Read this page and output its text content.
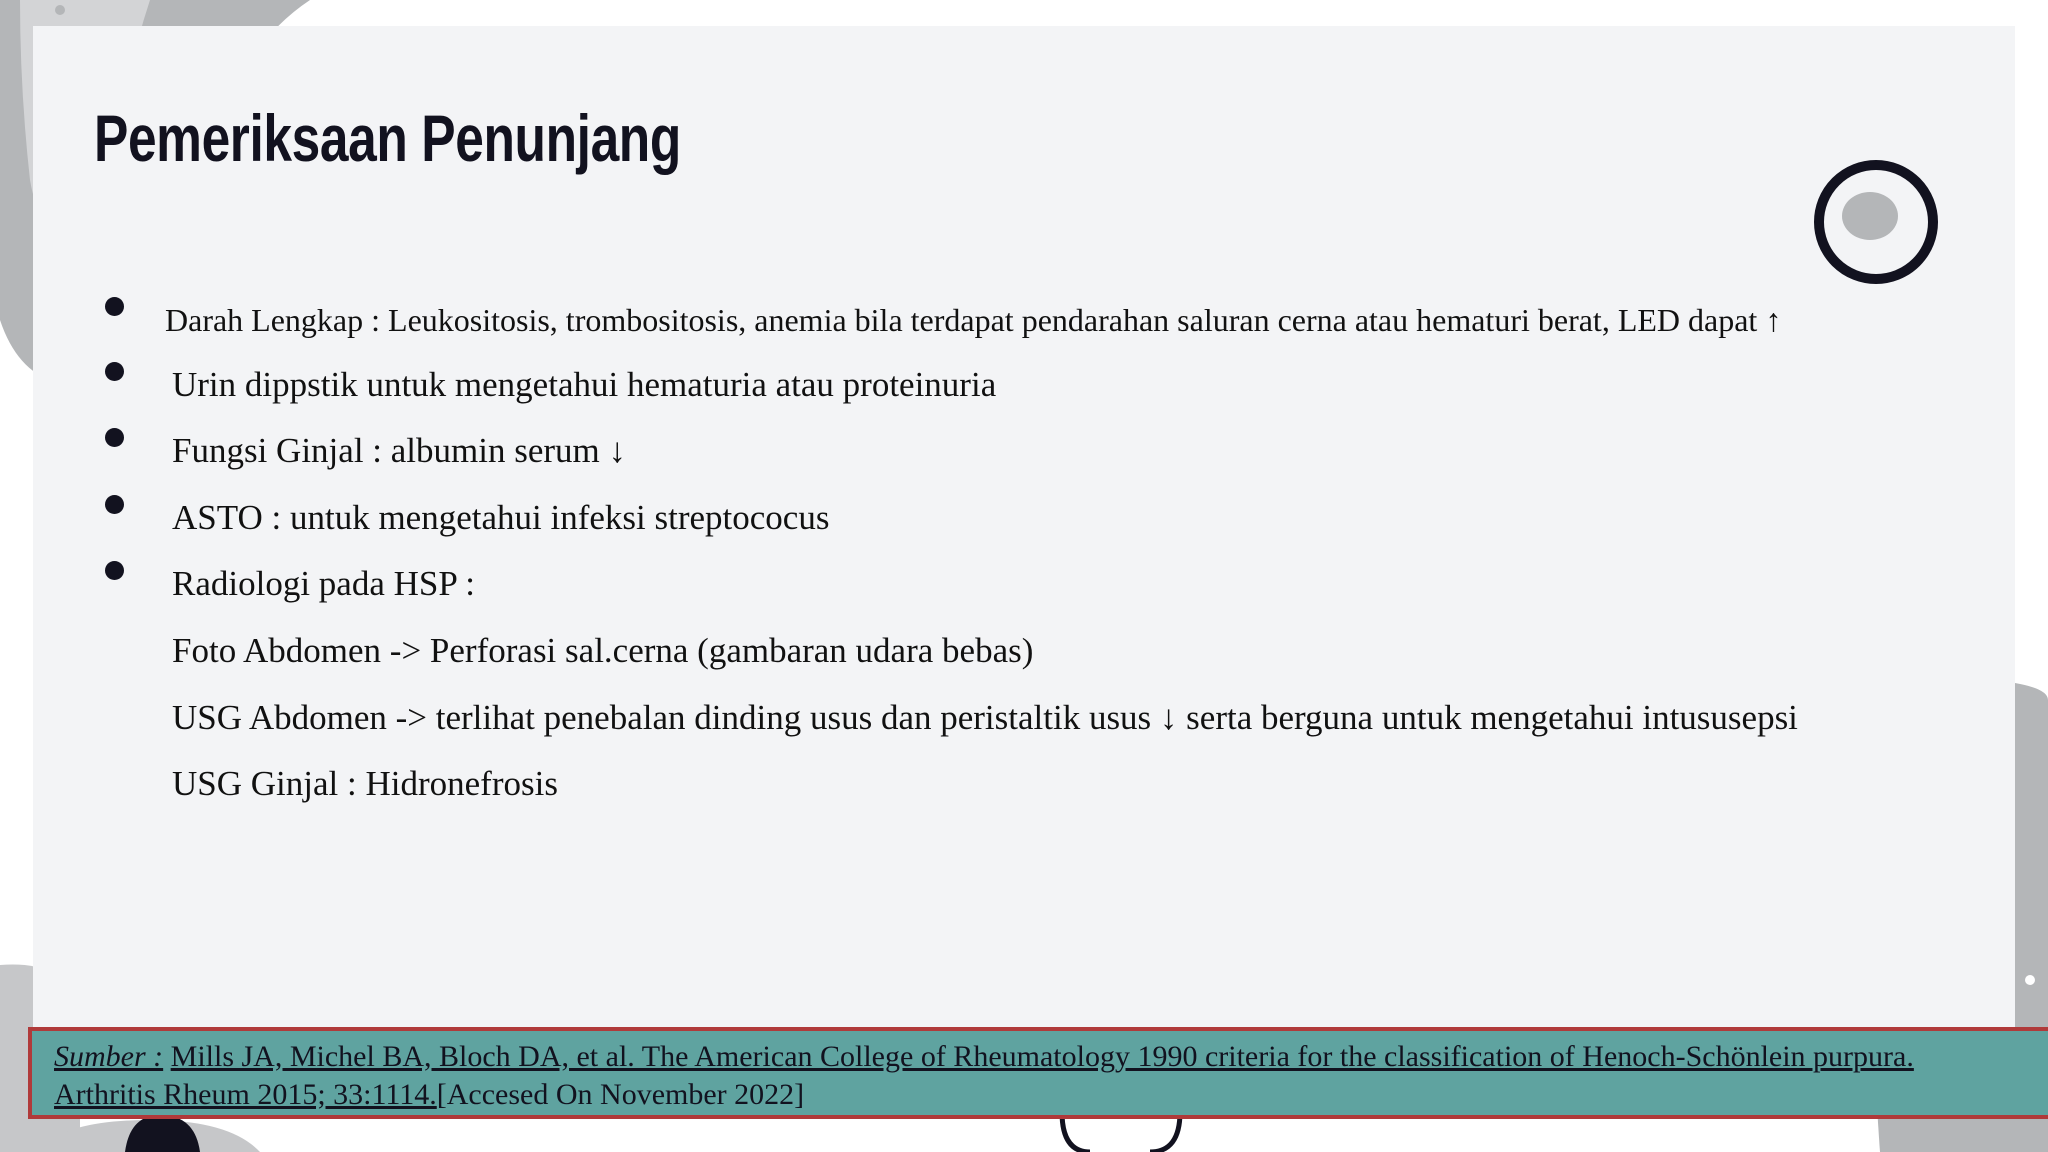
Pemeriksaan Penunjang
Darah Lengkap : Leukositosis, trombositosis, anemia bila terdapat pendarahan saluran cerna atau hematuri berat, LED dapat ↑
Urin dippstik untuk mengetahui hematuria atau proteinuria
Fungsi Ginjal : albumin serum ↓
ASTO : untuk mengetahui infeksi streptococus
Radiologi pada HSP :
Foto Abdomen -> Perforasi sal.cerna (gambaran udara bebas)
USG Abdomen -> terlihat penebalan dinding usus dan peristaltik usus ↓ serta berguna untuk mengetahui intususepsi
USG Ginjal : Hidronefrosis
Sumber : Mills JA, Michel BA, Bloch DA, et al. The American College of Rheumatology 1990 criteria for the classification of Henoch-Schönlein purpura.
Arthritis Rheum 2015; 33:1114.[Accesed On November 2022]
